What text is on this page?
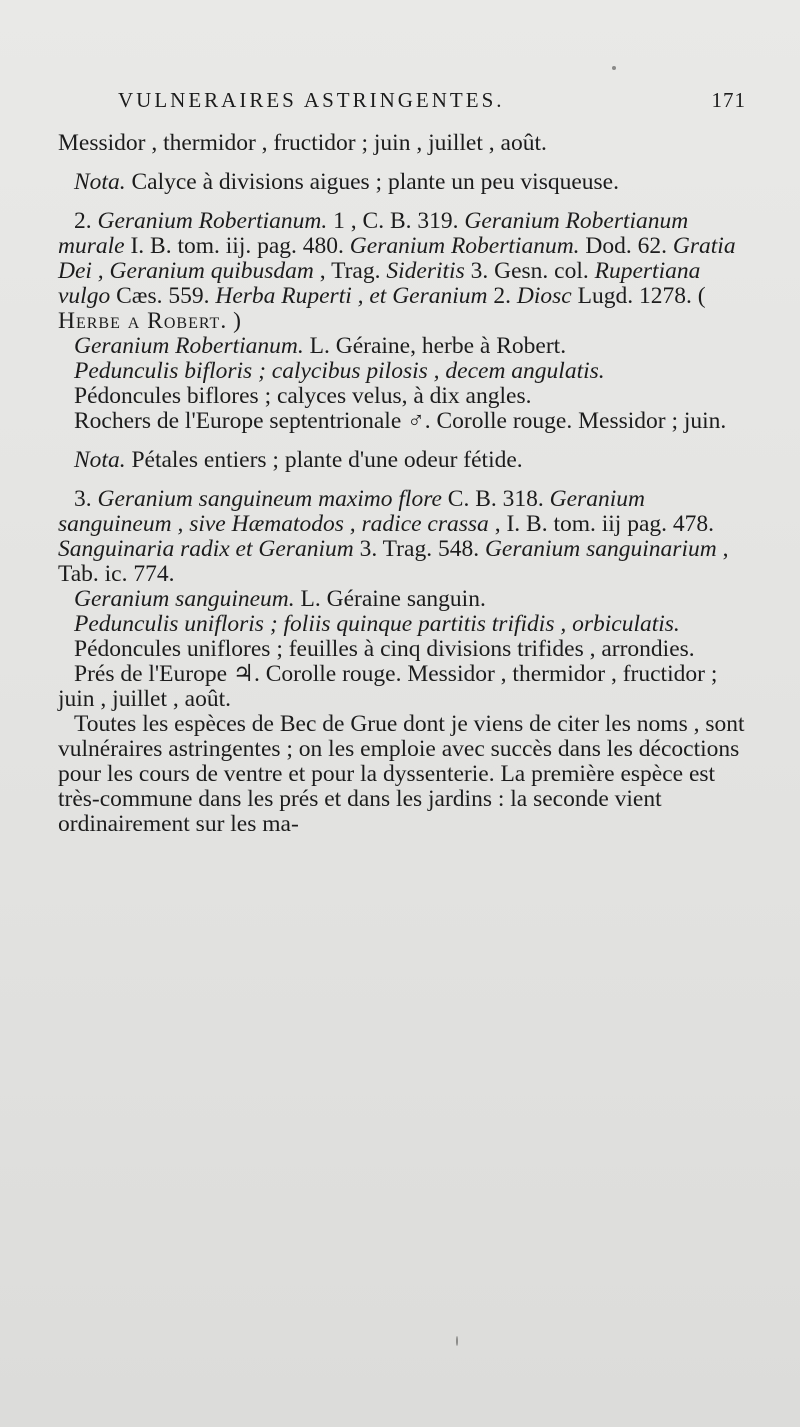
VULNERAIRES ASTRINGENTES.	171

Messidor , thermidor , fructidor ; juin , juillet , août.

Nota. Calyce à divisions aigues ; plante un peu visqueuse.

2. Geranium Robertianum. 1 , C. B. 319. Geranium Robertianum murale I. B. tom. iij. pag. 480. Geranium Robertianum. Dod. 62. Gratia Dei , Geranium quibusdam , Trag. Sideritis 3. Gesn. col. Rupertiana vulgo Cæs. 559. Herba Ruperti , et Geranium 2. Diosc Lugd. 1278. ( Herbe a Robert. )

Geranium Robertianum. L. Géraine, herbe à Robert.

Pedunculis bifloris ; calycibus pilosis , decem angulatis.

Pédoncules biflores ; calyces velus, à dix angles.

Rochers de l'Europe septentrionale ♂. Corolle rouge. Messidor ; juin.

Nota. Pétales entiers ; plante d'une odeur fétide.

3. Geranium sanguineum maximo flore C. B. 318. Geranium sanguineum , sive Hæmatodos , radice crassa , I. B. tom. iij pag. 478. Sanguinaria radix et Geranium 3. Trag. 548. Geranium sanguinarium , Tab. ic. 774.

Geranium sanguineum. L. Géraine sanguin.

Pedunculis unifloris ; foliis quinque partitis trifidis , orbiculatis.

Pédoncules uniflores ; feuilles à cinq divisions trifides , arrondies.

Prés de l'Europe ♃. Corolle rouge. Messidor , thermidor , fructidor ; juin , juillet , août.

Toutes les espèces de Bec de Grue dont je viens de citer les noms , sont vulnéraires astringentes ; on les emploie avec succès dans les décoctions pour les cours de ventre et pour la dyssenterie. La première espèce est très-commune dans les prés et dans les jardins : la seconde vient ordinairement sur les ma-
